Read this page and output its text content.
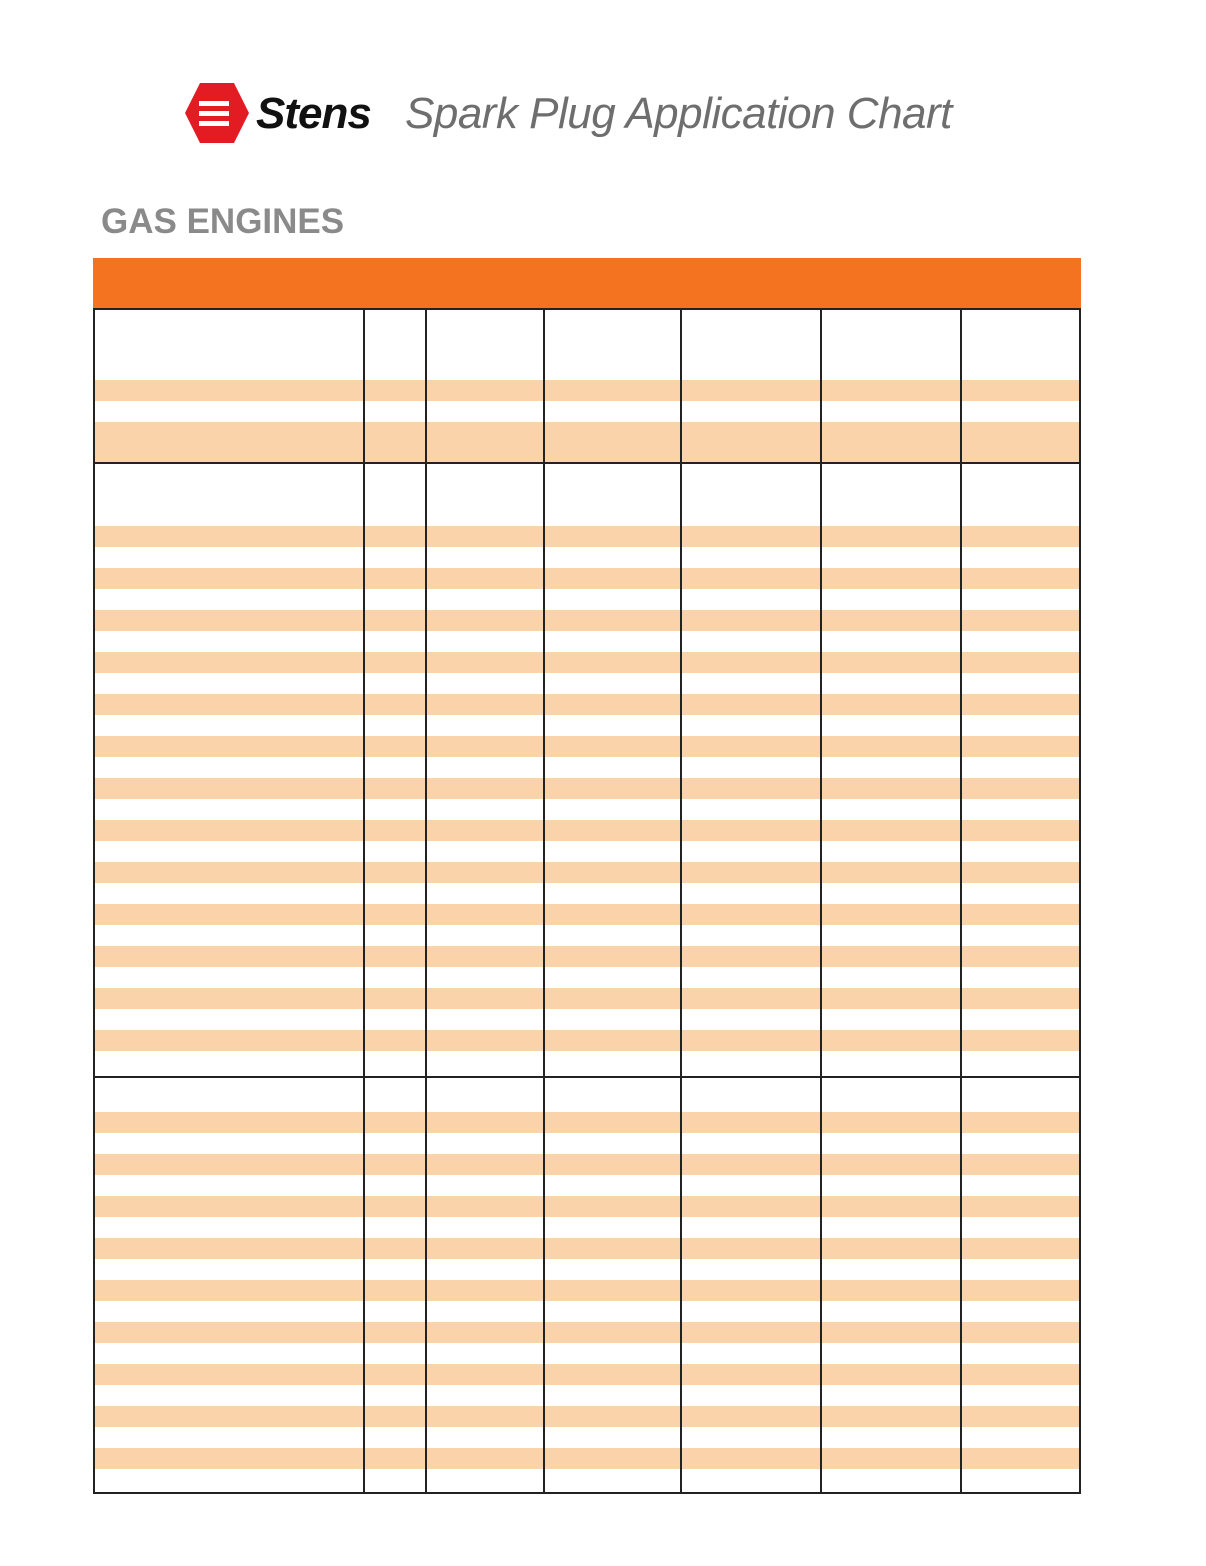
Stens Spark Plug Application Chart
GAS ENGINES
